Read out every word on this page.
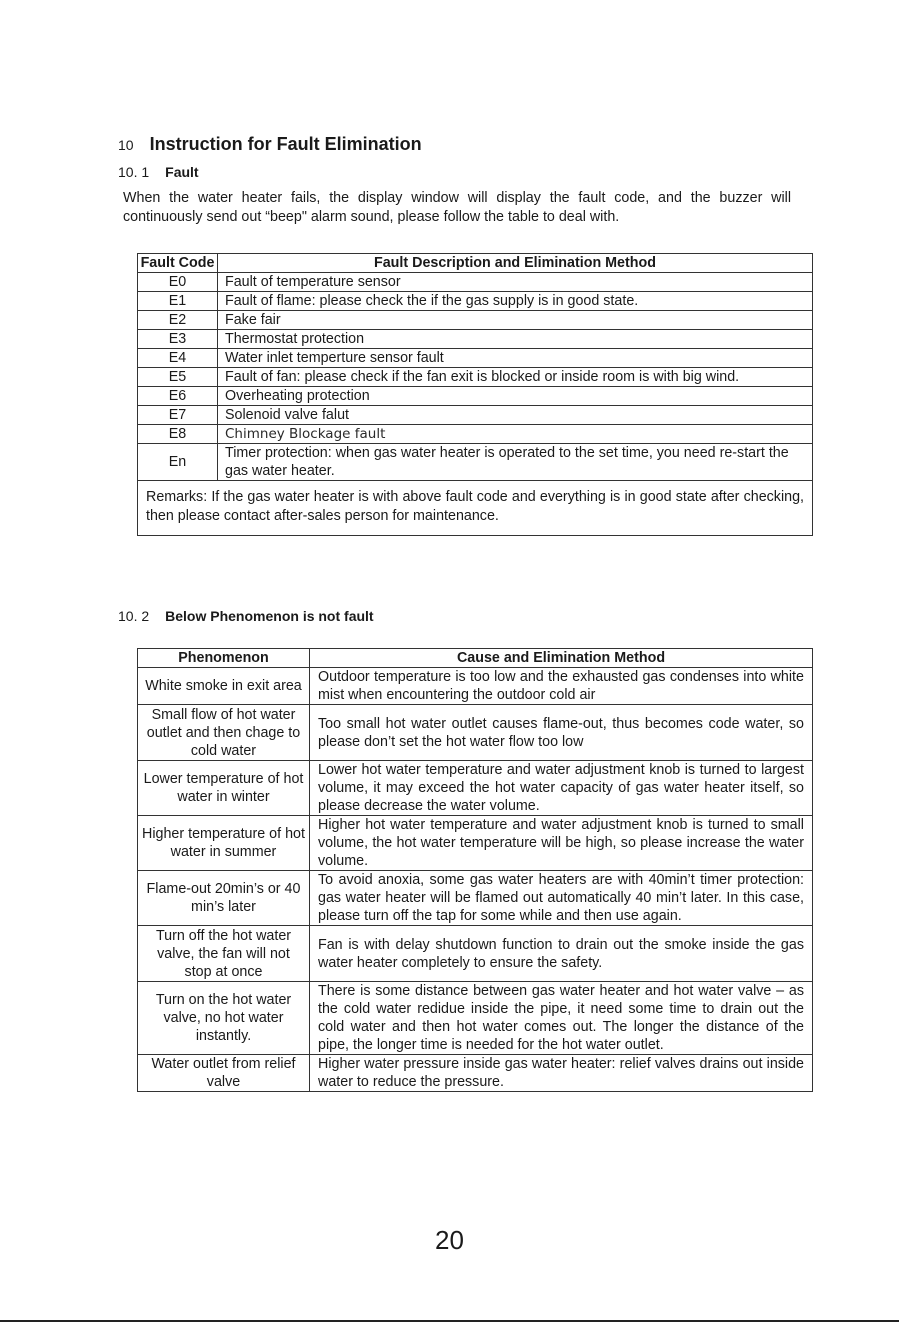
10 Instruction for Fault Elimination
10. 1 Fault
When the water heater fails, the display window will display the fault code, and the buzzer will continuously send out “beep" alarm sound, please follow the table to deal with.
Fault Code	Fault Description and Elimination Method
E0	Fault of temperature sensor
E1	Fault of flame: please check the if the gas supply is in good state.
E2	Fake fair
E3	Thermostat protection
E4	Water inlet temperture sensor fault
E5	Fault of fan: please check if the fan exit is blocked or inside room is with big wind.
E6	Overheating protection
E7	Solenoid valve falut
E8	Chimney Blockage fault
En	Timer protection: when gas water heater is operated to the set time, you need re-start the gas water heater.
Remarks: If the gas water heater is with above fault code and everything is in good state after checking, then please contact after-sales person for maintenance.	
10. 2 Below Phenomenon is not fault
Phenomenon	Cause and Elimination Method
White smoke in exit area	Outdoor temperature is too low and the exhausted gas condenses into white mist when encountering the outdoor cold air
Small flow of hot water outlet and then chage to cold water	Too small hot water outlet causes flame-out, thus becomes code water, so please don’t set the hot water flow too low
Lower temperature of hot water in winter	Lower hot water temperature and water adjustment knob is turned to largest volume, it may exceed the hot water capacity of gas water heater itself, so please decrease the water volume.
Higher temperature of hot water in summer	Higher hot water temperature and water adjustment knob is turned to small volume, the hot water temperature will be high, so please increase the water volume.
Flame-out 20min’s or 40 min’s later	To avoid anoxia, some gas water heaters are with 40min’t timer protection: gas water heater will be flamed out automatically 40 min’t later. In this case, please turn off the tap for some while and then use again.
Turn off the hot water valve, the fan will not stop at once	Fan is with delay shutdown function to drain out the smoke inside the gas water heater completely to ensure the safety.
Turn on the hot water valve, no hot water instantly.	There is some distance between gas water heater and hot water valve – as the cold water redidue inside the pipe, it need some time to drain out the cold water and then hot water comes out. The longer the distance of the pipe, the longer time is needed for the hot water outlet.
Water outlet from relief valve	Higher water pressure inside gas water heater: relief valves drains out inside water to reduce the pressure.
20
